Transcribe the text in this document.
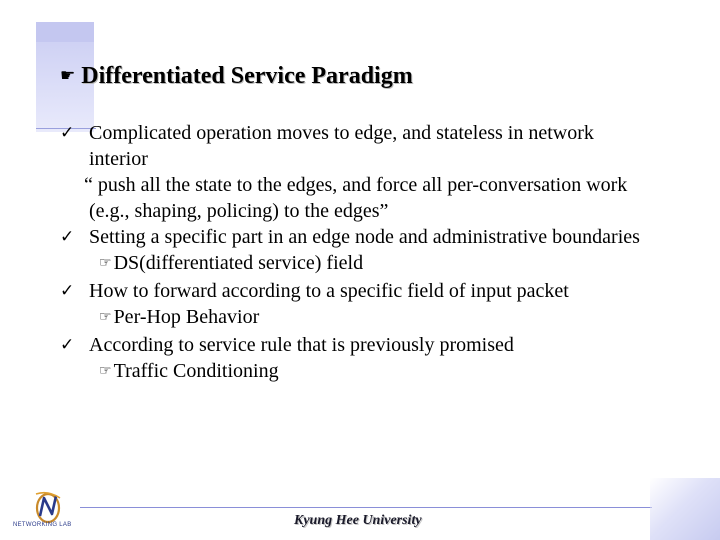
☛ Differentiated Service Paradigm
✓ Complicated operation moves to edge, and stateless in network interior
“ push all the state to the edges, and force all per-conversation work (e.g., shaping, policing) to the edges”
✓ Setting a specific part in an edge node and administrative boundaries
☞ DS(differentiated service) field
✓ How to forward according to a specific field of input packet
☞ Per-Hop Behavior
✓ According to service rule that is previously promised
☞ Traffic Conditioning
NETWORKING LAB	Kyung Hee University
